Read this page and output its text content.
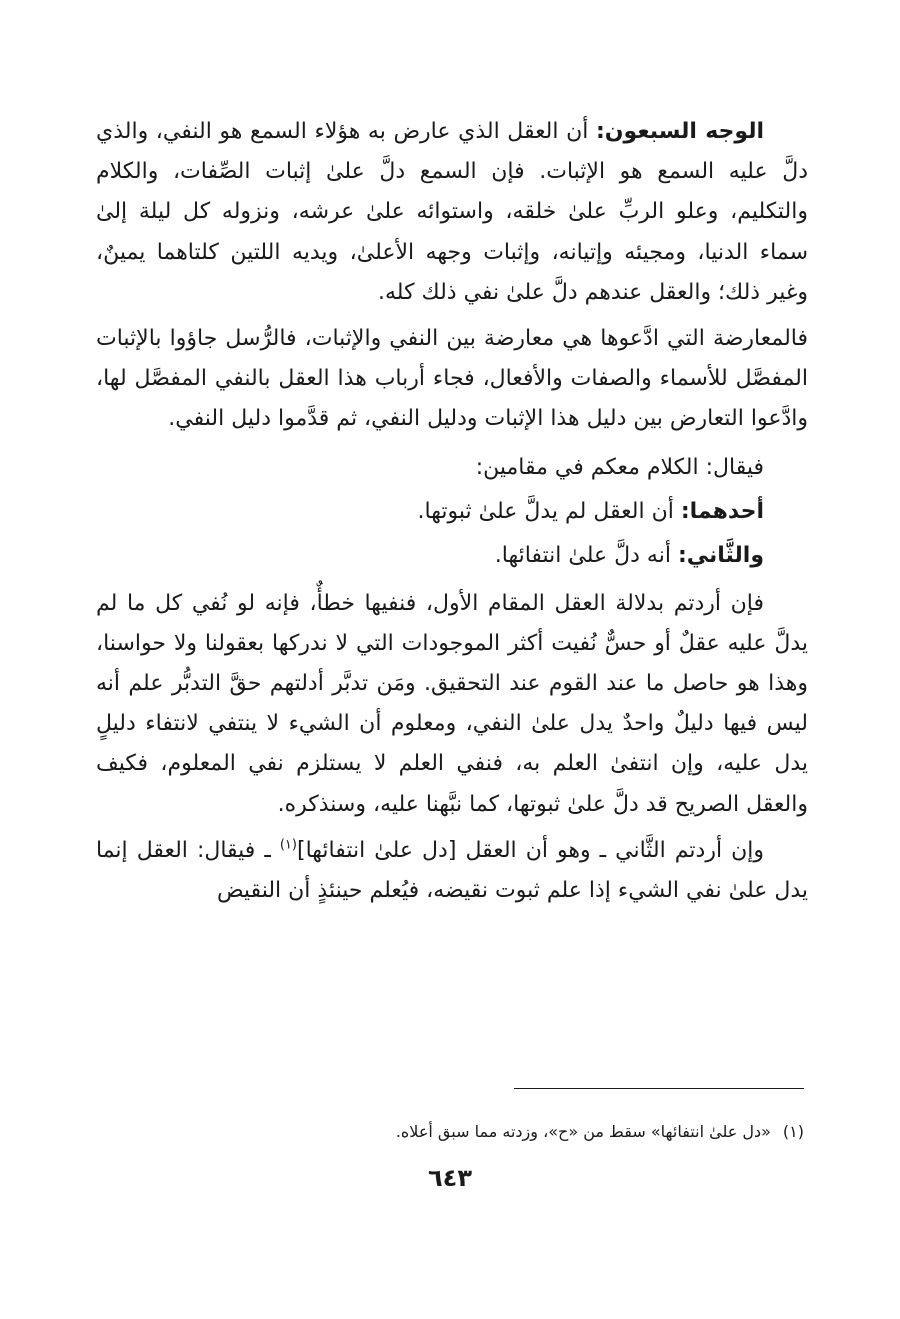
الوجه السبعون: أن العقل الذي عارض به هؤلاء السمع هو النفي، والذي دلَّ عليه السمع هو الإثبات. فإن السمع دلَّ علىٰ إثبات الصِّفات، والكلام والتكليم، وعلو الربِّ علىٰ خلقه، واستوائه علىٰ عرشه، ونزوله كل ليلة إلىٰ سماء الدنيا، ومجيئه وإتيانه، وإثبات وجهه الأعلىٰ، ويديه اللتين كلتاهما يمينٌ، وغير ذلك؛ والعقل عندهم دلَّ علىٰ نفي ذلك كله.

فالمعارضة التي ادَّعوها هي معارضة بين النفي والإثبات، فالرُّسل جاؤوا بالإثبات المفصَّل للأسماء والصفات والأفعال، فجاء أرباب هذا العقل بالنفي المفصَّل لها، وادَّعوا التعارض بين دليل هذا الإثبات ودليل النفي، ثم قدَّموا دليل النفي.

فيقال: الكلام معكم في مقامين:

أحدهما: أن العقل لم يدلَّ علىٰ ثبوتها.

والثَّاني: أنه دلَّ علىٰ انتفائها.

فإن أردتم بدلالة العقل المقام الأول، فنفيها خطأٌ، فإنه لو نُفي كل ما لم يدلَّ عليه عقلٌ أو حسٌّ نُفيت أكثر الموجودات التي لا ندركها بعقولنا ولا حواسنا، وهذا هو حاصل ما عند القوم عند التحقيق. ومَن تدبَّر أدلتهم حقَّ التدبُّر علم أنه ليس فيها دليلٌ واحدٌ يدل علىٰ النفي، ومعلوم أن الشيء لا ينتفي لانتفاء دليلٍ يدل عليه، وإن انتفىٰ العلم به، فنفي العلم لا يستلزم نفي المعلوم، فكيف والعقل الصريح قد دلَّ علىٰ ثبوتها، كما نبَّهنا عليه، وسنذكره.

وإن أردتم الثَّاني ـ وهو أن العقل [دل علىٰ انتفائها]$^{(١)}$ ـ فيقال: العقل إنما يدل علىٰ نفي الشيء إذا علم ثبوت نقيضه، فيُعلم حينئذٍ أن النقيض

(١)«دل علىٰ انتفائها» سقط من «ح»، وزدته مما سبق أعلاه.
٦٤٣
